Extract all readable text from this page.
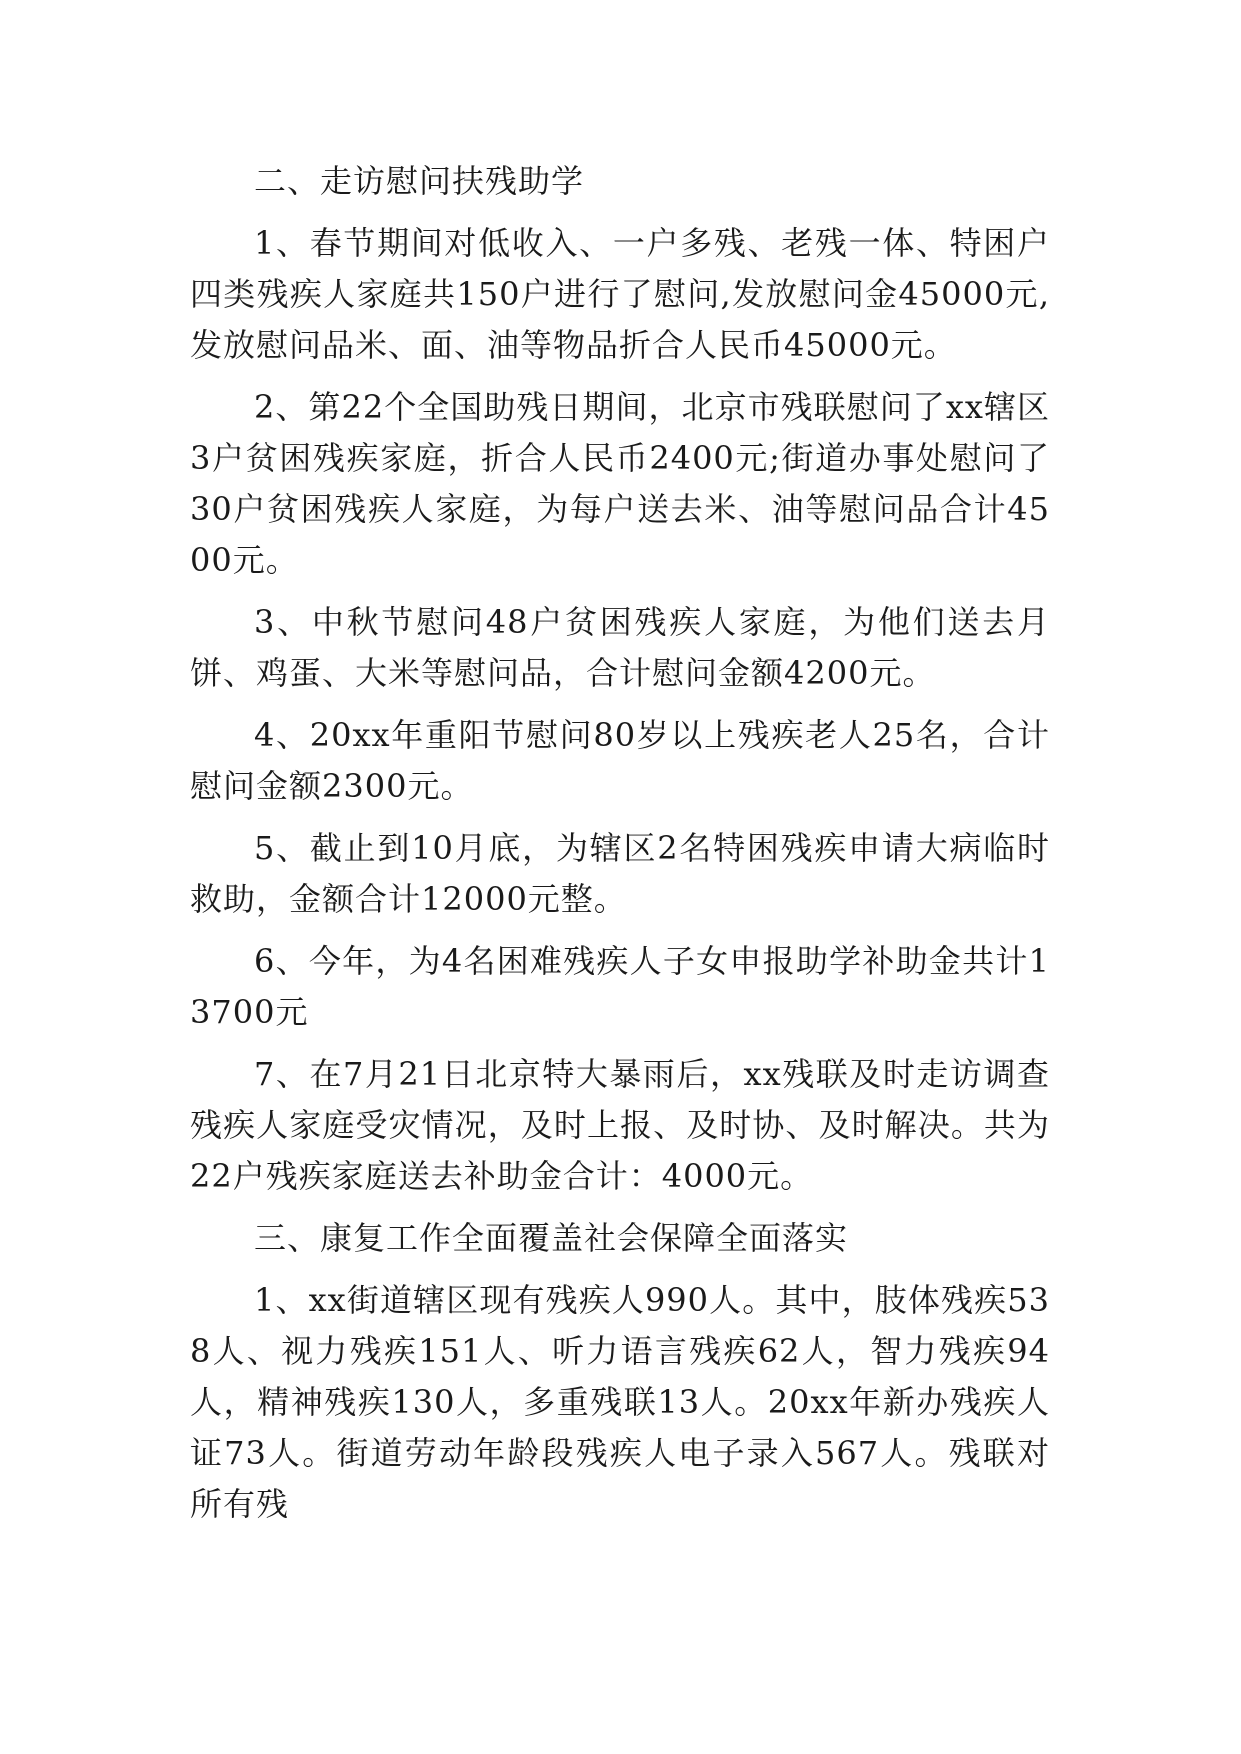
二、走访慰问扶残助学

1、春节期间对低收入、一户多残、老残一体、特困户四类残疾人家庭共150户进行了慰问,发放慰问金45000元,发放慰问品米、面、油等物品折合人民币45000元。

2、第22个全国助残日期间，北京市残联慰问了xx辖区3户贫困残疾家庭，折合人民币2400元;街道办事处慰问了30户贫困残疾人家庭，为每户送去米、油等慰问品合计4500元。

3、中秋节慰问48户贫困残疾人家庭，为他们送去月饼、鸡蛋、大米等慰问品，合计慰问金额4200元。

4、20xx年重阳节慰问80岁以上残疾老人25名，合计慰问金额2300元。

5、截止到10月底，为辖区2名特困残疾申请大病临时救助，金额合计12000元整。

6、今年，为4名困难残疾人子女申报助学补助金共计13700元

7、在7月21日北京特大暴雨后，xx残联及时走访调查残疾人家庭受灾情况，及时上报、及时协、及时解决。共为22户残疾家庭送去补助金合计：4000元。

三、康复工作全面覆盖社会保障全面落实

1、xx街道辖区现有残疾人990人。其中，肢体残疾538人、视力残疾151人、听力语言残疾62人，智力残疾94人，精神残疾130人，多重残联13人。20xx年新办残疾人证73人。街道劳动年龄段残疾人电子录入567人。残联对所有残
